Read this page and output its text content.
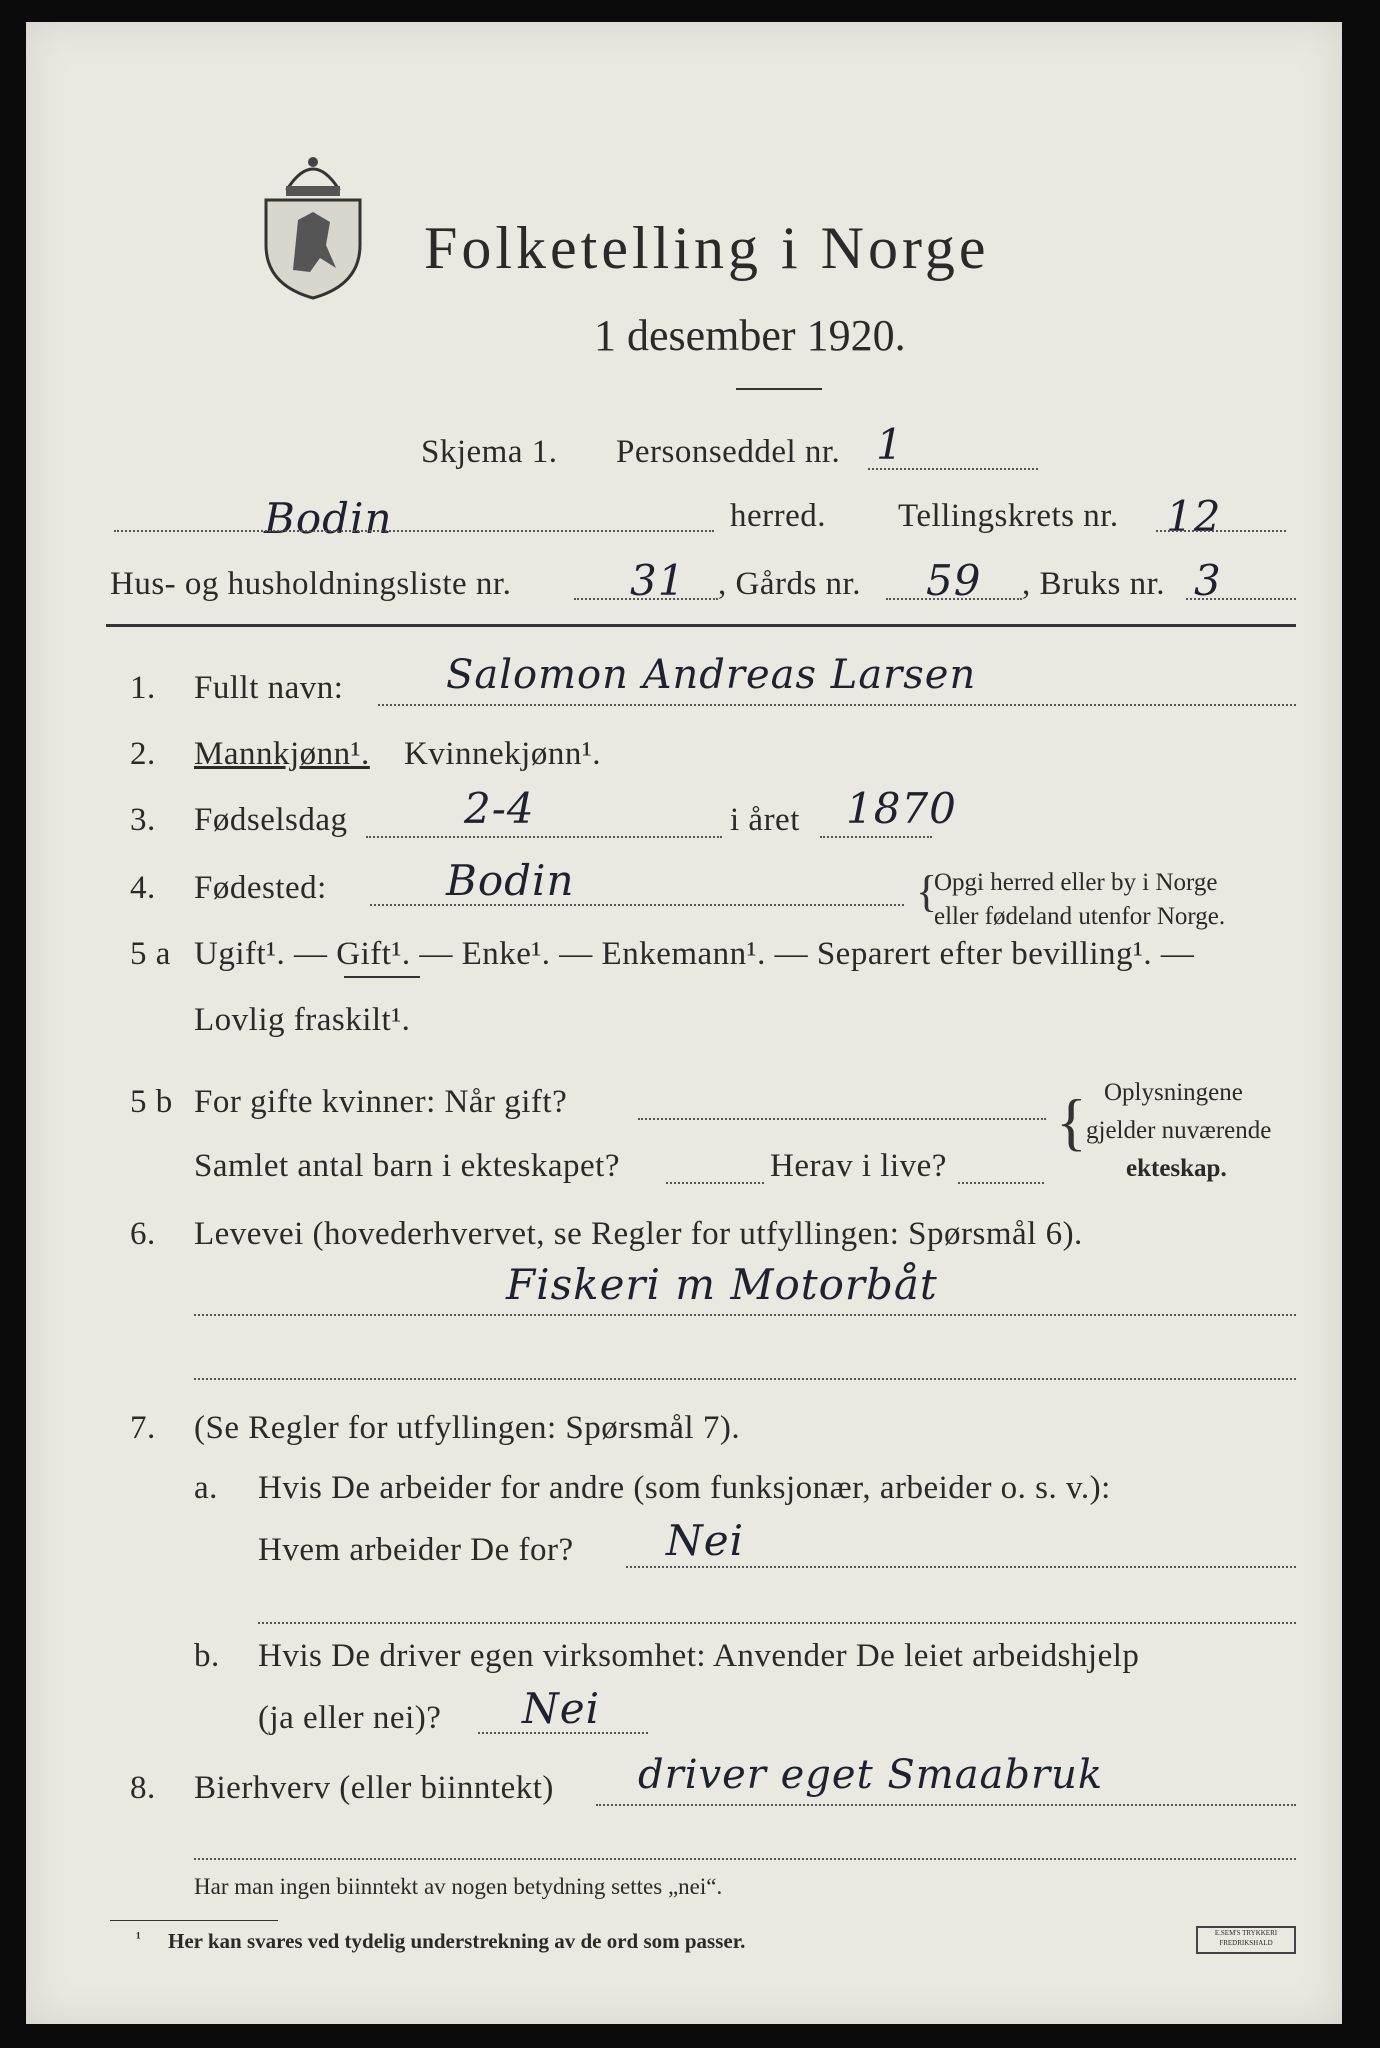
Folketelling i Norge
1 desember 1920.
Skjema 1. Personseddel nr. 1
Bodin	herred. Tellingskrets nr. 12
Hus- og husholdningsliste nr.	31 , Gårds nr. 59 , Bruks nr. 3
1. Fullt navn:	Salomon Andreas Larsen
2. Mannkjønn¹. Kvinnekjønn¹.
3. Fødselsdag	2-4	i året 1870
4. Fødested:	Bodin	{
Opgi herred eller by i Norge
eller fødeland utenfor Norge.
5 a Ugift¹. — Gift¹. — Enke¹. — Enkemann¹. — Separert efter bevilling¹. —
Lovlig fraskilt¹.
5 b For gifte kvinner: Når gift?
Samlet antal barn i ekteskapet?	Herav i live?
{ Oplysningene
gjelder nuværende
ekteskap.
6. Levevei (hovederhvervet, se Regler for utfyllingen: Spørsmål 6).
Fiskeri m Motorbåt
7. (Se Regler for utfyllingen: Spørsmål 7).
a. Hvis De arbeider for andre (som funksjonær, arbeider o. s. v.):
Hvem arbeider De for? Nei
b. Hvis De driver egen virksomhet: Anvender De leiet arbeidshjelp
(ja eller nei)? Nei
8. Bierhverv (eller biinntekt) driver eget Smaabruk
Har man ingen biinntekt av nogen betydning settes „nei“.
¹ Her kan svares ved tydelig understrekning av de ord som passer.	E.SEM'S TRYKKERI FREDRIKSHALD
